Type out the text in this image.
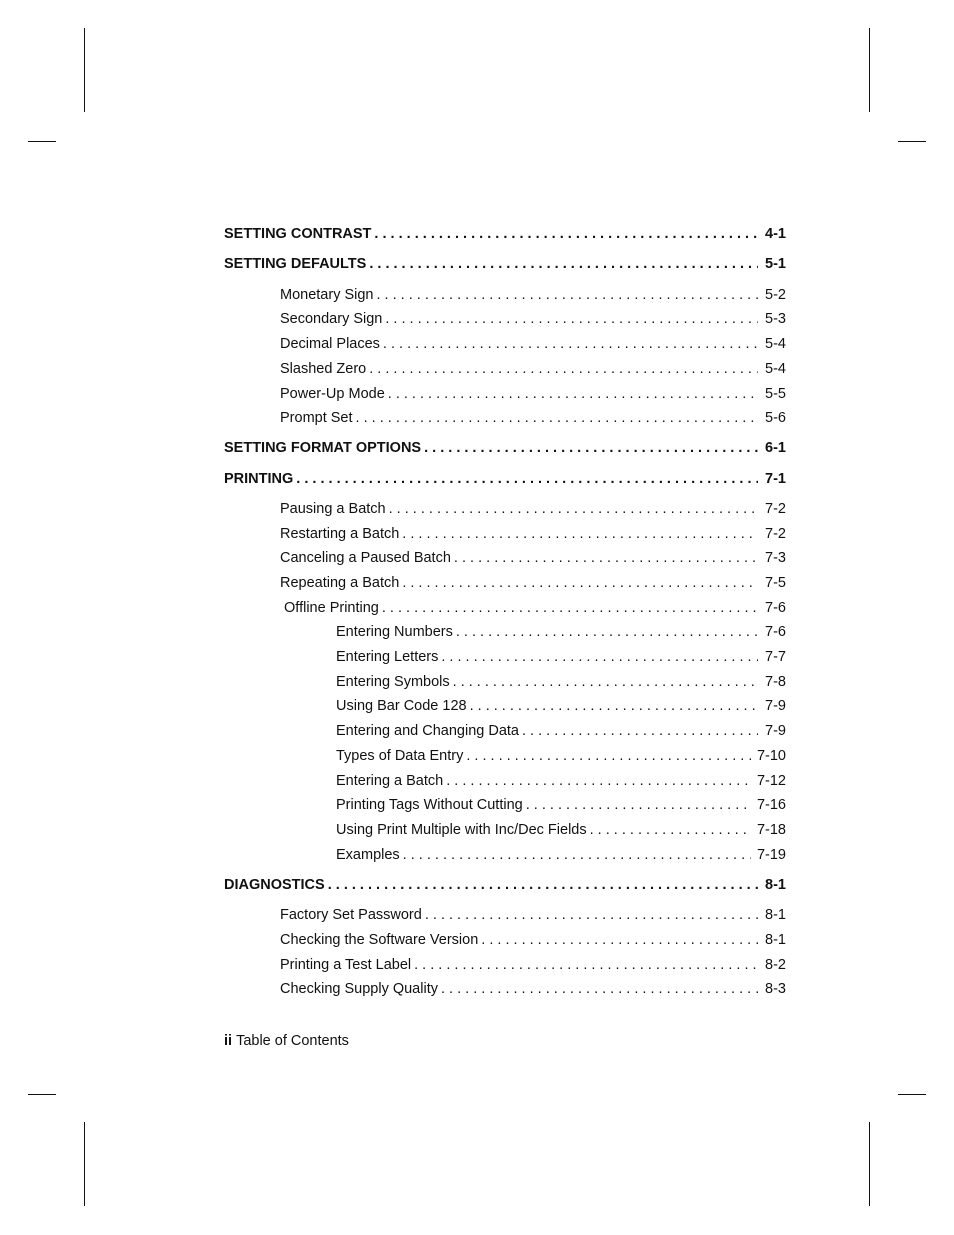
SETTING CONTRAST . . .	4-1
SETTING DEFAULTS . . .	5-1
Monetary Sign . . .	5-2
Secondary Sign . . .	5-3
Decimal Places . . .	5-4
Slashed Zero . . .	5-4
Power-Up Mode . . .	5-5
Prompt Set . . .	5-6
SETTING FORMAT OPTIONS . . .	6-1
PRINTING . . .	7-1
Pausing a Batch . . .	7-2
Restarting a Batch . . .	7-2
Canceling a Paused Batch . . .	7-3
Repeating a Batch . . .	7-5
Offline Printing . . .	7-6
Entering Numbers . . .	7-6
Entering Letters . . .	7-7
Entering Symbols . . .	7-8
Using Bar Code 128 . . .	7-9
Entering and Changing Data . . .	7-9
Types of Data Entry . . .	7-10
Entering a Batch . . .	7-12
Printing Tags Without Cutting . . .	7-16
Using Print Multiple with Inc/Dec Fields . . .	7-18
Examples . . .	7-19
DIAGNOSTICS . . .	8-1
Factory Set Password . . .	8-1
Checking the Software Version . . .	8-1
Printing a Test Label . . .	8-2
Checking Supply Quality . . .	8-3
ii Table of Contents
